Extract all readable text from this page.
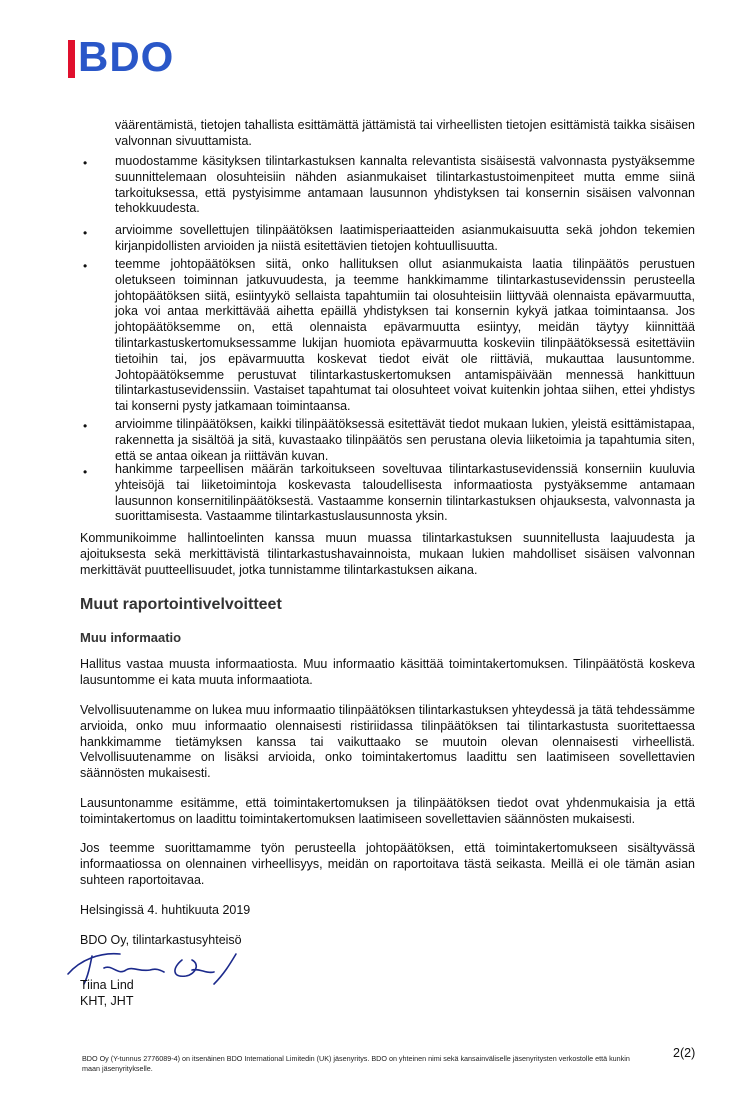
BDO
väärentämistä, tietojen tahallista esittämättä jättämistä tai virheellisten tietojen esittämistä taikka sisäisen valvonnan sivuuttamista.
• muodostamme käsityksen tilintarkastuksen kannalta relevantista sisäisestä valvonnasta pystyäksemme suunnittelemaan olosuhteisiin nähden asianmukaiset tilintarkastustoimenpiteet mutta emme siinä tarkoituksessa, että pystyisimme antamaan lausunnon yhdistyksen tai konsernin sisäisen valvonnan tehokkuudesta.
• arvioimme sovellettujen tilinpäätöksen laatimisperiaatteiden asianmukaisuutta sekä johdon tekemien kirjanpidollisten arvioiden ja niistä esitettävien tietojen kohtuullisuutta.
• teemme johtopäätöksen siitä, onko hallituksen ollut asianmukaista laatia tilinpäätös perustuen oletukseen toiminnan jatkuvuudesta, ja teemme hankkimamme tilintarkastusevidenssin perusteella johtopäätöksen siitä, esiintyykö sellaista tapahtumiin tai olosuhteisiin liittyvää olennaista epävarmuutta, joka voi antaa merkittävää aihetta epäillä yhdistyksen tai konsernin kykyä jatkaa toimintaansa. Jos johtopäätöksemme on, että olennaista epävarmuutta esiintyy, meidän täytyy kiinnittää tilintarkastuskertomuksessamme lukijan huomiota epävarmuutta koskeviin tilinpäätöksessä esitettäviin tietoihin tai, jos epävarmuutta koskevat tiedot eivät ole riittäviä, mukauttaa lausuntomme. Johtopäätöksemme perustuvat tilintarkastuskertomuksen antamispäivään mennessä hankittuun tilintarkastusevidenssiin. Vastaiset tapahtumat tai olosuhteet voivat kuitenkin johtaa siihen, ettei yhdistys tai konserni pysty jatkamaan toimintaansa.
• arvioimme tilinpäätöksen, kaikki tilinpäätöksessä esitettävät tiedot mukaan lukien, yleistä esittämistapaa, rakennetta ja sisältöä ja sitä, kuvastaako tilinpäätös sen perustana olevia liiketoimia ja tapahtumia siten, että se antaa oikean ja riittävän kuvan.
• hankimme tarpeellisen määrän tarkoitukseen soveltuvaa tilintarkastusevidenssiä konserniin kuuluvia yhteisöjä tai liiketoimintoja koskevasta taloudellisesta informaatiosta pystyäksemme antamaan lausunnon konsernitilinpäätöksestä. Vastaamme konsernin tilintarkastuksen ohjauksesta, valvonnasta ja suorittamisesta. Vastaamme tilintarkastuslausunnosta yksin.
Kommunikoimme hallintoelinten kanssa muun muassa tilintarkastuksen suunnitellusta laajuudesta ja ajoituksesta sekä merkittävistä tilintarkastushavainnoista, mukaan lukien mahdolliset sisäisen valvonnan merkittävät puutteellisuudet, jotka tunnistamme tilintarkastuksen aikana.
Muut raportointivelvoitteet
Muu informaatio
Hallitus vastaa muusta informaatiosta. Muu informaatio käsittää toimintakertomuksen. Tilinpäätöstä koskeva lausuntomme ei kata muuta informaatiota.
Velvollisuutenamme on lukea muu informaatio tilinpäätöksen tilintarkastuksen yhteydessä ja tätä tehdessämme arvioida, onko muu informaatio olennaisesti ristiriidassa tilinpäätöksen tai tilintarkastusta suoritettaessa hankkimamme tietämyksen kanssa tai vaikuttaako se muutoin olevan olennaisesti virheellistä. Velvollisuutenamme on lisäksi arvioida, onko toimintakertomus laadittu sen laatimiseen sovellettavien säännösten mukaisesti.
Lausuntonamme esitämme, että toimintakertomuksen ja tilinpäätöksen tiedot ovat yhdenmukaisia ja että toimintakertomus on laadittu toimintakertomuksen laatimiseen sovellettavien säännösten mukaisesti.
Jos teemme suorittamamme työn perusteella johtopäätöksen, että toimintakertomukseen sisältyvässä informaatiossa on olennainen virheellisyys, meidän on raportoitava tästä seikasta. Meillä ei ole tämän asian suhteen raportoitavaa.
Helsingissä 4. huhtikuuta 2019
BDO Oy, tilintarkastusyhteisö
Tiina Lind
KHT, JHT
BDO Oy (Y-tunnus 2776089-4) on itsenäinen BDO International Limitedin (UK) jäsenyritys. BDO on yhteinen nimi sekä kansainväliselle jäsenyritysten verkostolle että kunkin maan jäsenyritykselle.
2(2)
